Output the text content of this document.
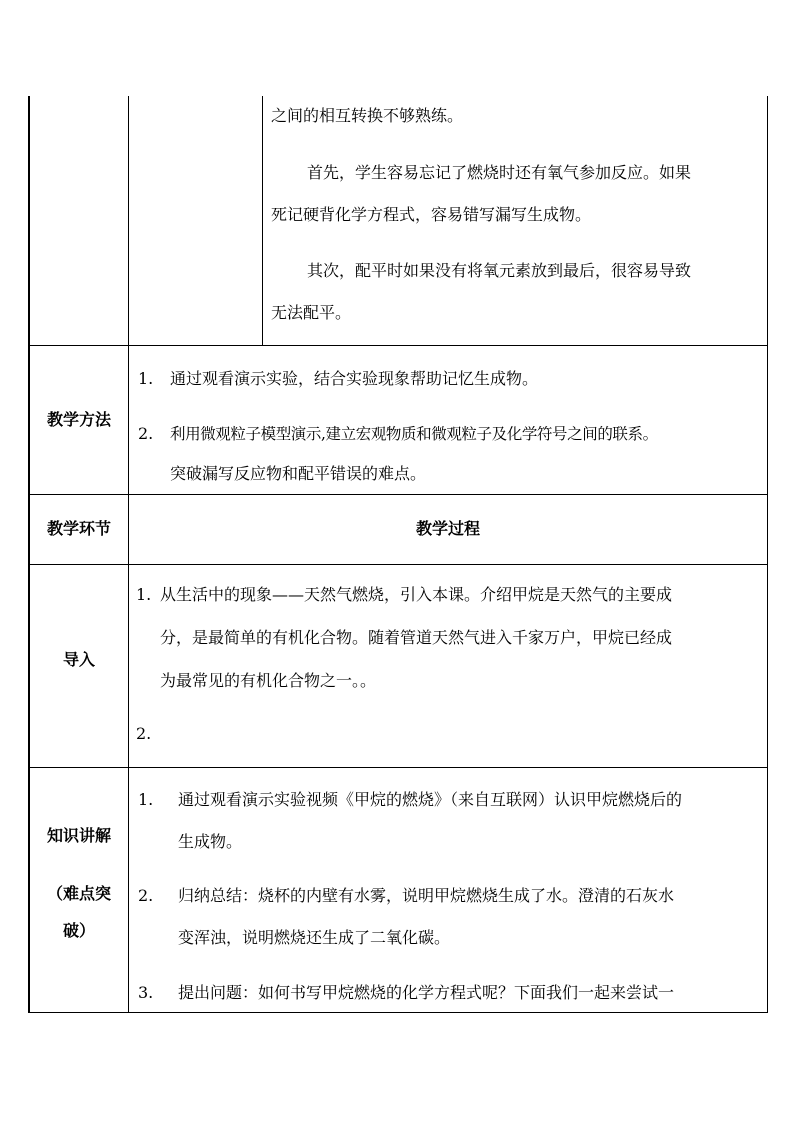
之间的相互转换不够熟练。
首先，学生容易忘记了燃烧时还有氧气参加反应。如果
死记硬背化学方程式，容易错写漏写生成物。
其次，配平时如果没有将氧元素放到最后，很容易导致
无法配平。
教学方法
1. 通过观看演示实验，结合实验现象帮助记忆生成物。
2. 利用微观粒子模型演示,建立宏观物质和微观粒子及化学符号之间的联系。
突破漏写反应物和配平错误的难点。
教学环节	教学过程
导入
1. 从生活中的现象——天然气燃烧，引入本课。介绍甲烷是天然气的主要成
分，是最简单的有机化合物。随着管道天然气进入千家万户，甲烷已经成
为最常见的有机化合物之一。。
2.
知识讲解
（难点突
破）
1. 通过观看演示实验视频《甲烷的燃烧》（来自互联网）认识甲烷燃烧后的
生成物。
2. 归纳总结：烧杯的内壁有水雾，说明甲烷燃烧生成了水。澄清的石灰水
变浑浊，说明燃烧还生成了二氧化碳。
3. 提出问题：如何书写甲烷燃烧的化学方程式呢？下面我们一起来尝试一
